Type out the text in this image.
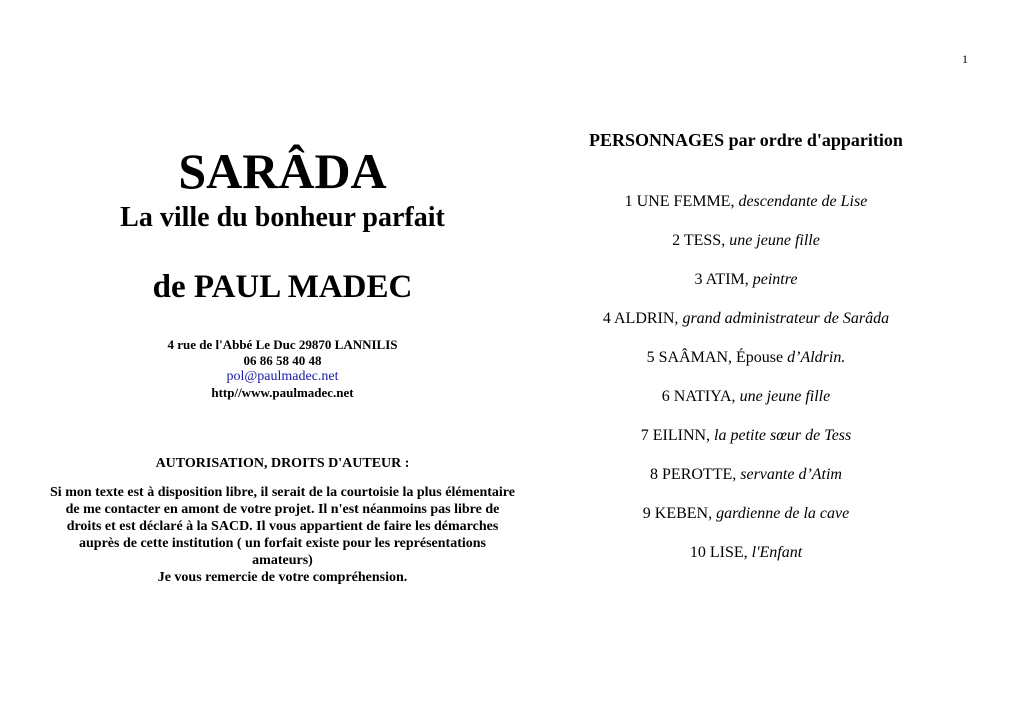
1
SARÂDA
La ville du bonheur parfait
de PAUL MADEC
4 rue de l'Abbé Le Duc 29870 LANNILIS
06 86 58 40 48
pol@paulmadec.net
http//www.paulmadec.net
AUTORISATION, DROITS D'AUTEUR :
Si mon texte est à disposition libre, il serait de la courtoisie la plus élémentaire de me contacter en amont de votre projet. Il n'est néanmoins pas libre de droits et est déclaré à la SACD. Il vous appartient de faire les démarches auprès de cette institution ( un forfait existe pour les représentations amateurs)
Je vous remercie de votre compréhension.
PERSONNAGES par ordre d'apparition
1 UNE FEMME, descendante de Lise
2 TESS, une jeune fille
3 ATIM, peintre
4 ALDRIN, grand administrateur de Sarâda
5 SAÂMAN, Épouse d’Aldrin.
6 NATIYA, une jeune fille
7 EILINN, la petite sœur de Tess
8 PEROTTE, servante d’Atim
9 KEBEN, gardienne de la cave
10 LISE, l'Enfant
